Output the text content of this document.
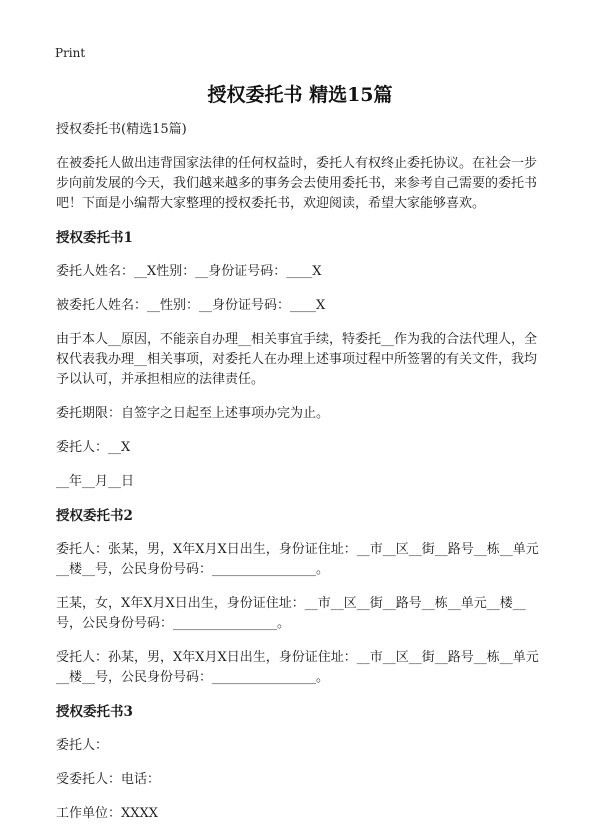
Print
授权委托书 精选15篇
授权委托书(精选15篇)
在被委托人做出违背国家法律的任何权益时，委托人有权终止委托协议。在社会一步步向前发展的今天，我们越来越多的事务会去使用委托书，来参考自己需要的委托书吧！下面是小编帮大家整理的授权委托书，欢迎阅读，希望大家能够喜欢。
授权委托书1
委托人姓名：__X性别：__身份证号码：____X
被委托人姓名：__性别：__身份证号码：____X
由于本人__原因，不能亲自办理__相关事宜手续，特委托__作为我的合法代理人，全权代表我办理__相关事项，对委托人在办理上述事项过程中所签署的有关文件，我均予以认可，并承担相应的法律责任。
委托期限：自签字之日起至上述事项办完为止。
委托人：__X
__年__月__日
授权委托书2
委托人：张某，男，X年X月X日出生，身份证住址：__市__区__街__路号__栋__单元__楼__号，公民身份号码：________________。
王某，女，X年X月X日出生，身份证住址：__市__区__街__路号__栋__单元__楼__号，公民身份号码：________________。
受托人：孙某，男，X年X月X日出生，身份证住址：__市__区__街__路号__栋__单元__楼__号，公民身份号码：________________。
授权委托书3
委托人：
受委托人：电话：
工作单位：XXXX
